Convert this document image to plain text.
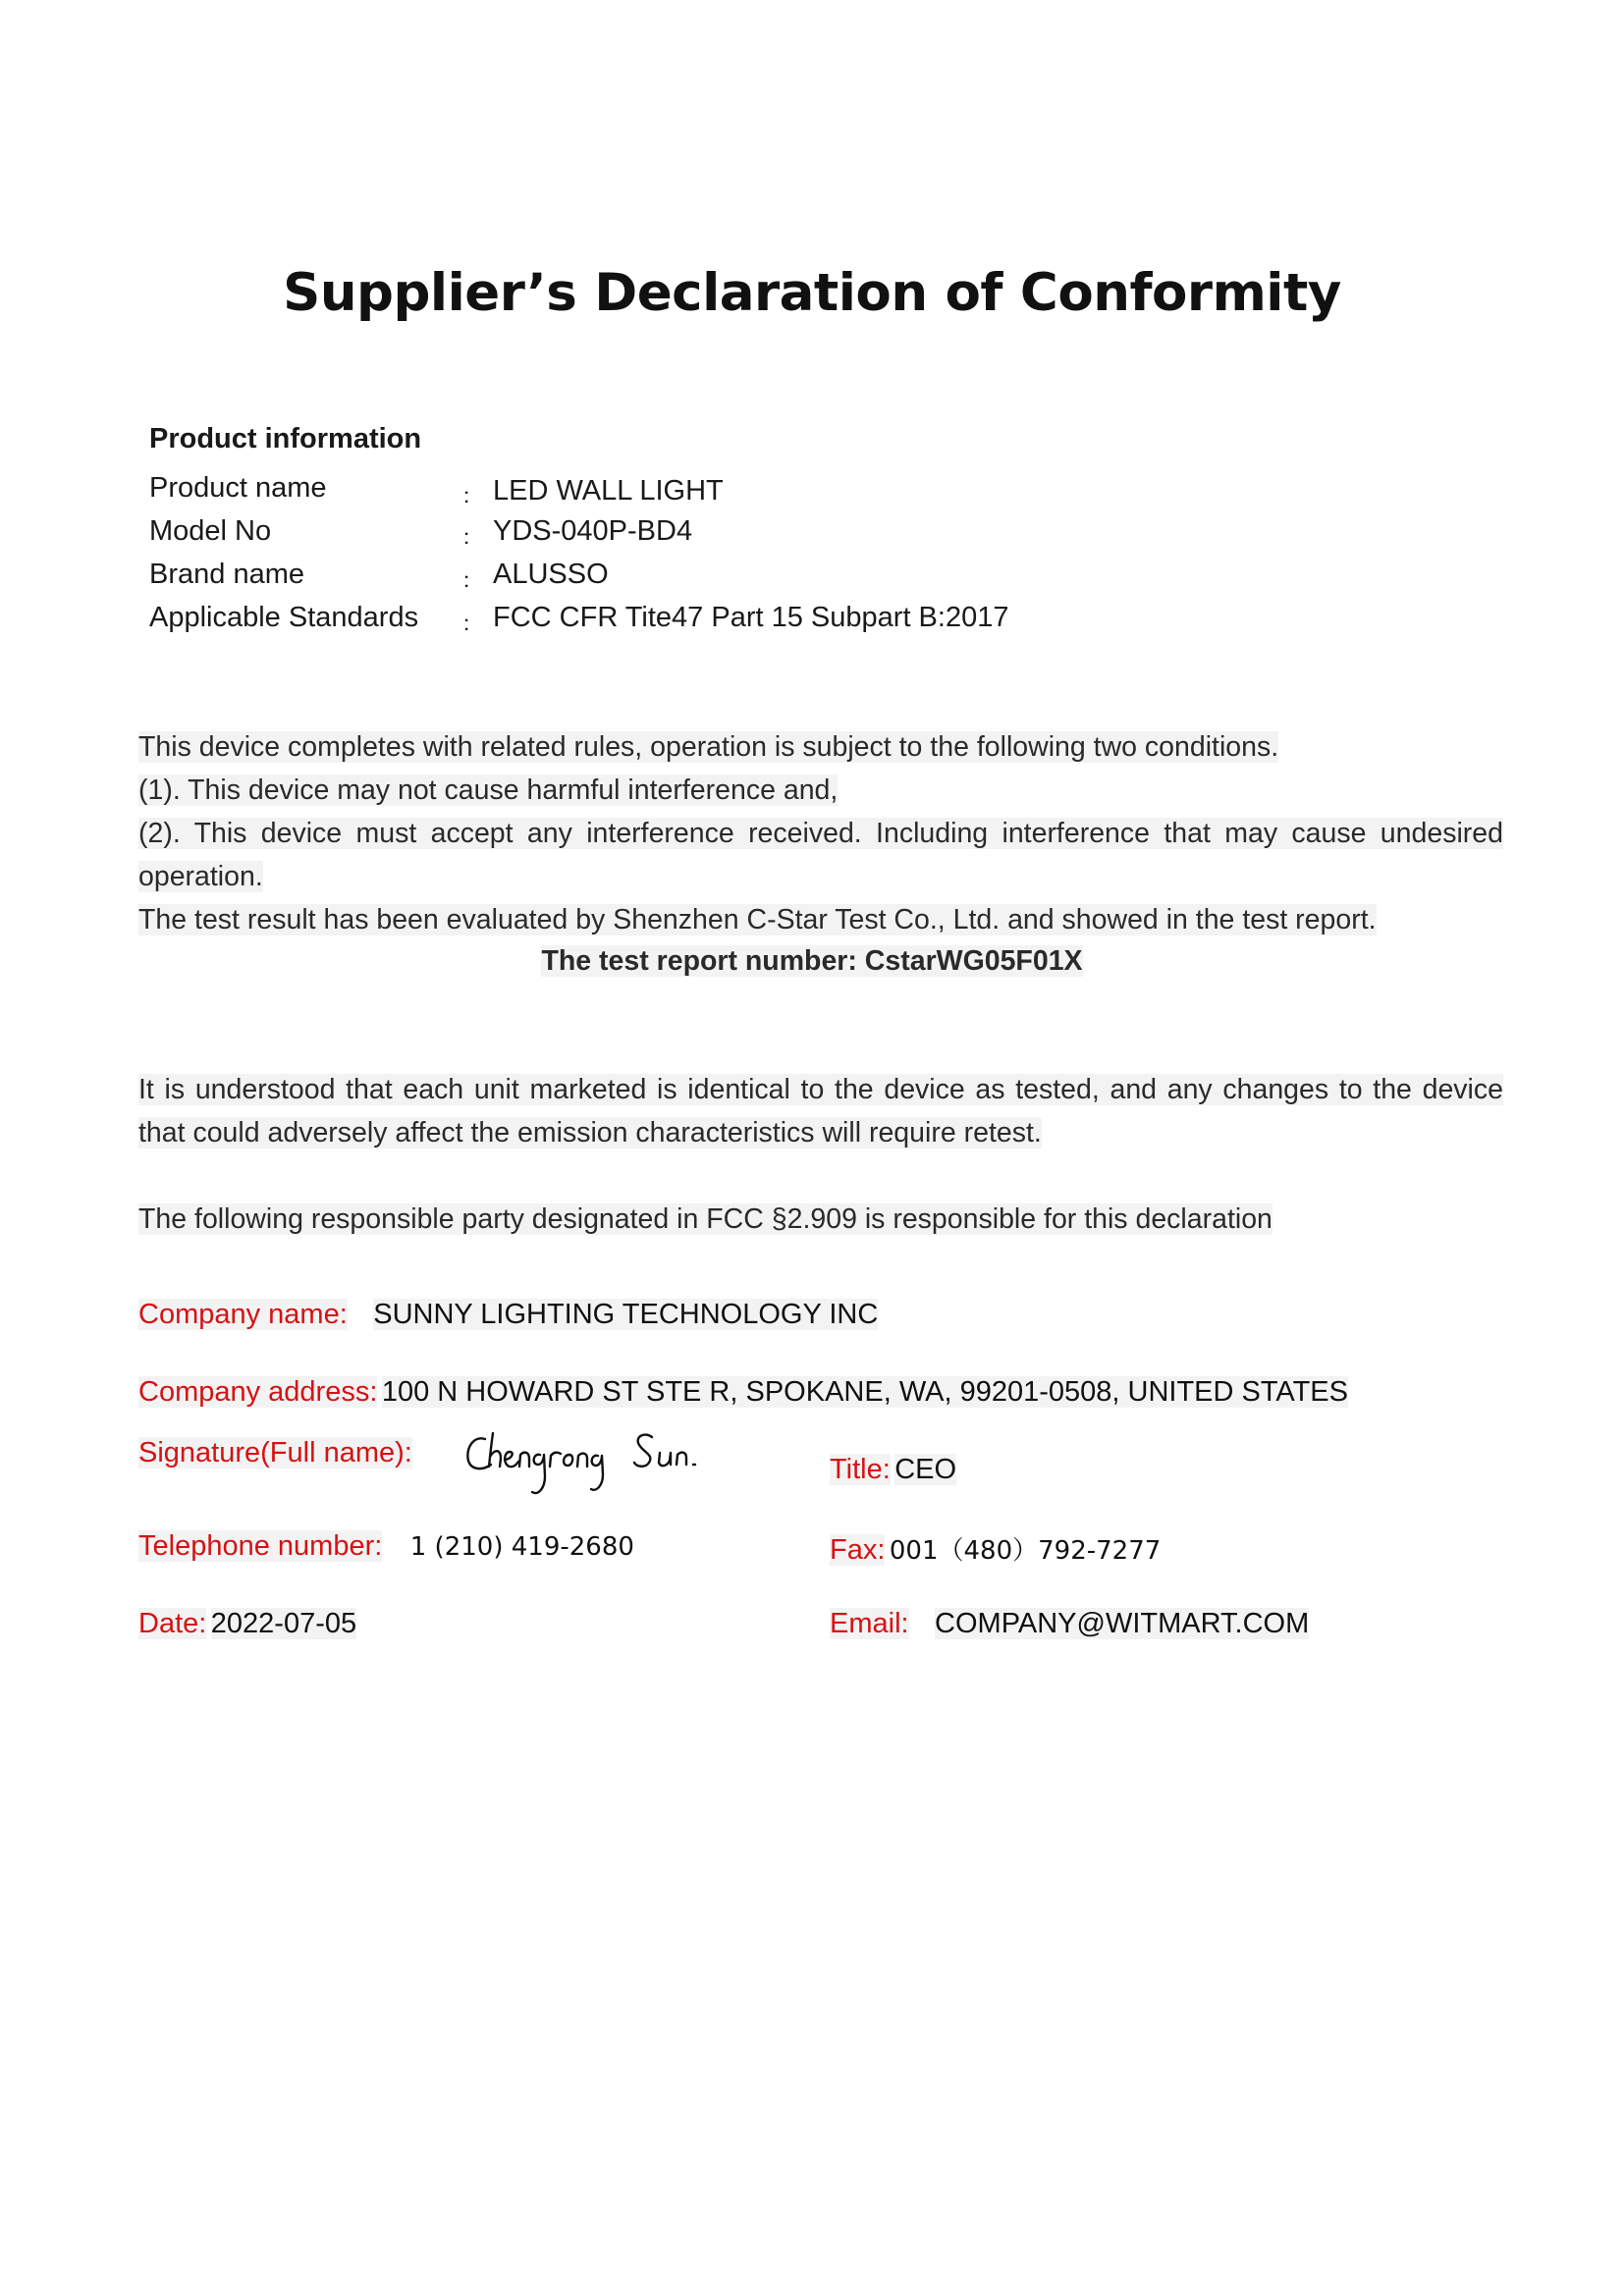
Supplier’s Declaration of Conformity
Product information
Product name	： LED WALL LIGHT
Model No	： YDS-040P-BD4
Brand name	： ALUSSO
Applicable Standards ： FCC CFR Tite47 Part 15 Subpart B:2017

This device completes with related rules, operation is subject to the following two conditions.

(1). This device may not cause harmful interference and,

(2). This device must accept any interference received. Including interference that may cause undesired operation.

The test result has been evaluated by Shenzhen C-Star Test Co., Ltd. and showed in the test report.

The test report number: CstarWG05F01X

It is understood that each unit marketed is identical to the device as tested, and any changes to the device that could adversely affect the emission characteristics will require retest.

The following responsible party designated in FCC §2.909 is responsible for this declaration

Company name: SUNNY LIGHTING TECHNOLOGY INC
Company address: 100 N HOWARD ST STE R, SPOKANE, WA, 99201-0508, UNITED STATES
Signature(Full name):
Title: CEO
Telephone number: 1 (210) 419-2680	Fax: 001（480）792-7277
Date: 2022-07-05	Email: COMPANY@WITMART.COM
